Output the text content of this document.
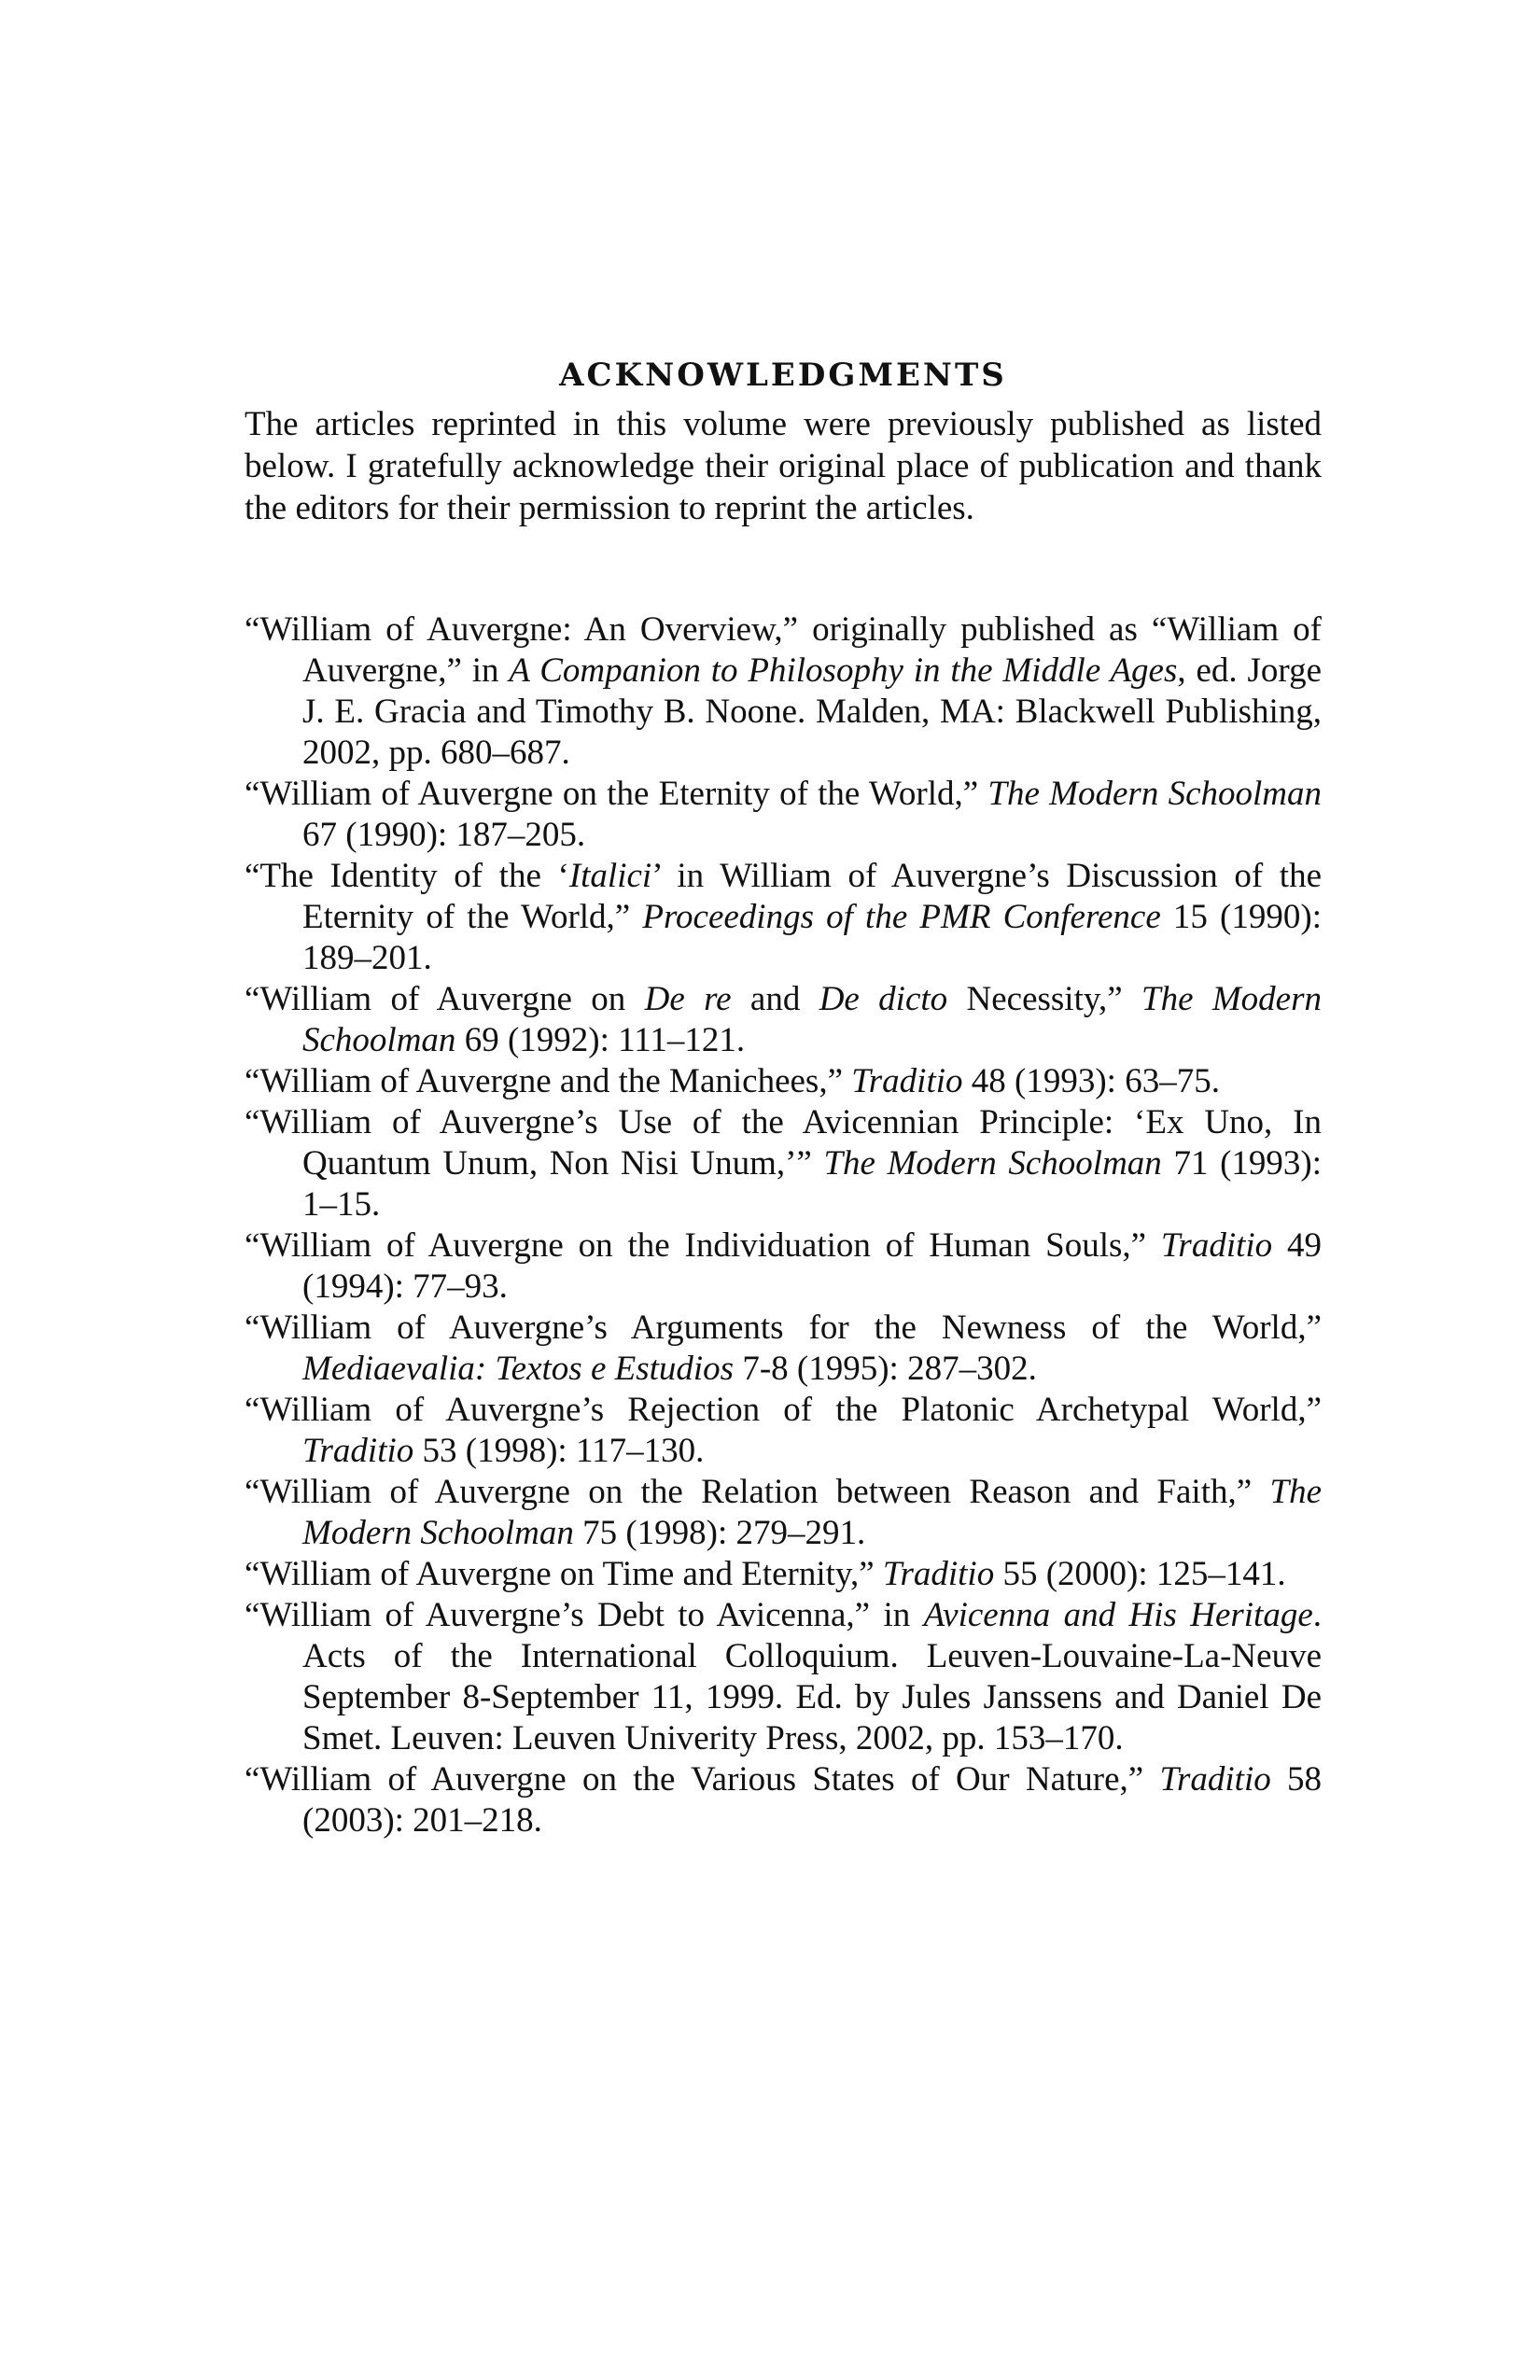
ACKNOWLEDGMENTS

The articles reprinted in this volume were previously published as listed below. I gratefully acknowledge their original place of publication and thank the editors for their permission to reprint the articles.

“William of Auvergne: An Overview,” originally published as “William of Auvergne,” in A Companion to Philosophy in the Middle Ages, ed. Jorge J. E. Gracia and Timothy B. Noone. Malden, MA: Blackwell Publishing, 2002, pp. 680–687.

“William of Auvergne on the Eternity of the World,” The Modern Schoolman 67 (1990): 187–205.

“The Identity of the ‘Italici’ in William of Auvergne’s Discussion of the Eternity of the World,” Proceedings of the PMR Conference 15 (1990): 189–201.

“William of Auvergne on De re and De dicto Necessity,” The Modern Schoolman 69 (1992): 111–121.

“William of Auvergne and the Manichees,” Traditio 48 (1993): 63–75.

“William of Auvergne’s Use of the Avicennian Principle: ‘Ex Uno, In Quantum Unum, Non Nisi Unum,’” The Modern Schoolman 71 (1993): 1–15.

“William of Auvergne on the Individuation of Human Souls,” Traditio 49 (1994): 77–93.

“William of Auvergne’s Arguments for the Newness of the World,” Mediaevalia: Textos e Estudios 7-8 (1995): 287–302.

“William of Auvergne’s Rejection of the Platonic Archetypal World,” Traditio 53 (1998): 117–130.

“William of Auvergne on the Relation between Reason and Faith,” The Modern Schoolman 75 (1998): 279–291.

“William of Auvergne on Time and Eternity,” Traditio 55 (2000): 125–141.

“William of Auvergne’s Debt to Avicenna,” in Avicenna and His Heritage. Acts of the International Colloquium. Leuven-Louvaine-La-Neuve September 8-September 11, 1999. Ed. by Jules Janssens and Daniel De Smet. Leuven: Leuven Univerity Press, 2002, pp. 153–170.

“William of Auvergne on the Various States of Our Nature,” Traditio 58 (2003): 201–218.
